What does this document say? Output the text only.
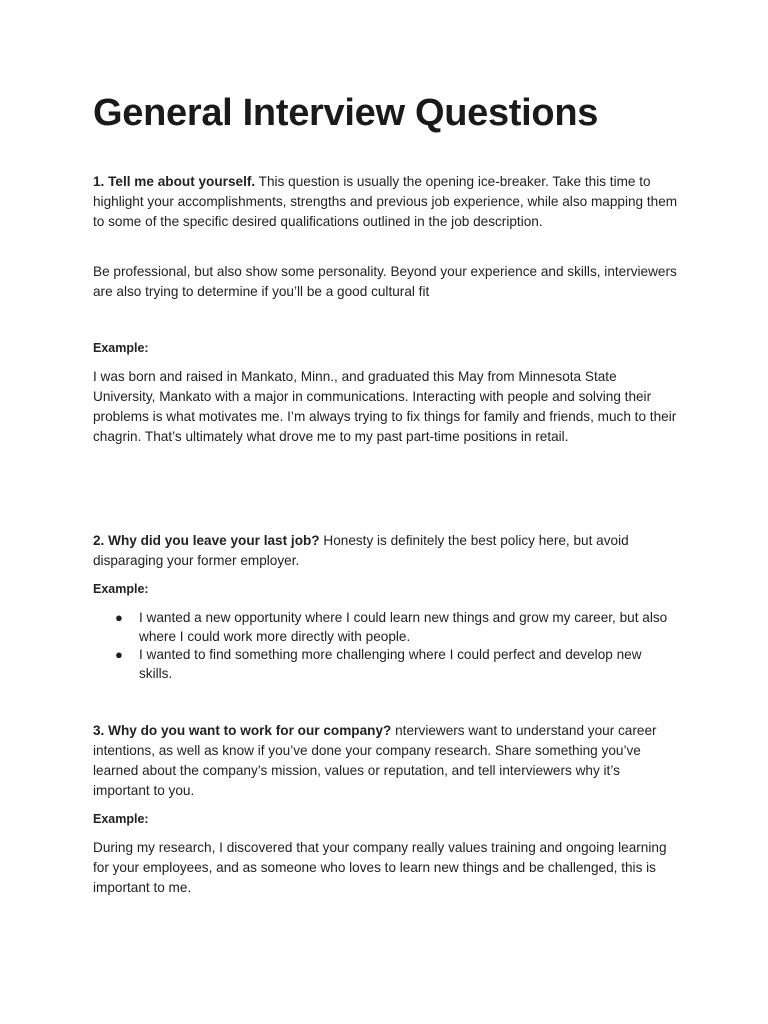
General Interview Questions

1. Tell me about yourself. This question is usually the opening ice-breaker. Take this time to highlight your accomplishments, strengths and previous job experience, while also mapping them to some of the specific desired qualifications outlined in the job description.

Be professional, but also show some personality. Beyond your experience and skills, interviewers are also trying to determine if you’ll be a good cultural fit

Example:

I was born and raised in Mankato, Minn., and graduated this May from Minnesota State University, Mankato with a major in communications. Interacting with people and solving their problems is what motivates me. I’m always trying to fix things for family and friends, much to their chagrin. That’s ultimately what drove me to my past part-time positions in retail.

2. Why did you leave your last job? Honesty is definitely the best policy here, but avoid disparaging your former employer.

Example:

● I wanted a new opportunity where I could learn new things and grow my career, but also where I could work more directly with people.
● I wanted to find something more challenging where I could perfect and develop new skills.

3. Why do you want to work for our company? nterviewers want to understand your career intentions, as well as know if you’ve done your company research. Share something you’ve learned about the company’s mission, values or reputation, and tell interviewers why it’s important to you.

Example:

During my research, I discovered that your company really values training and ongoing learning for your employees, and as someone who loves to learn new things and be challenged, this is important to me.
